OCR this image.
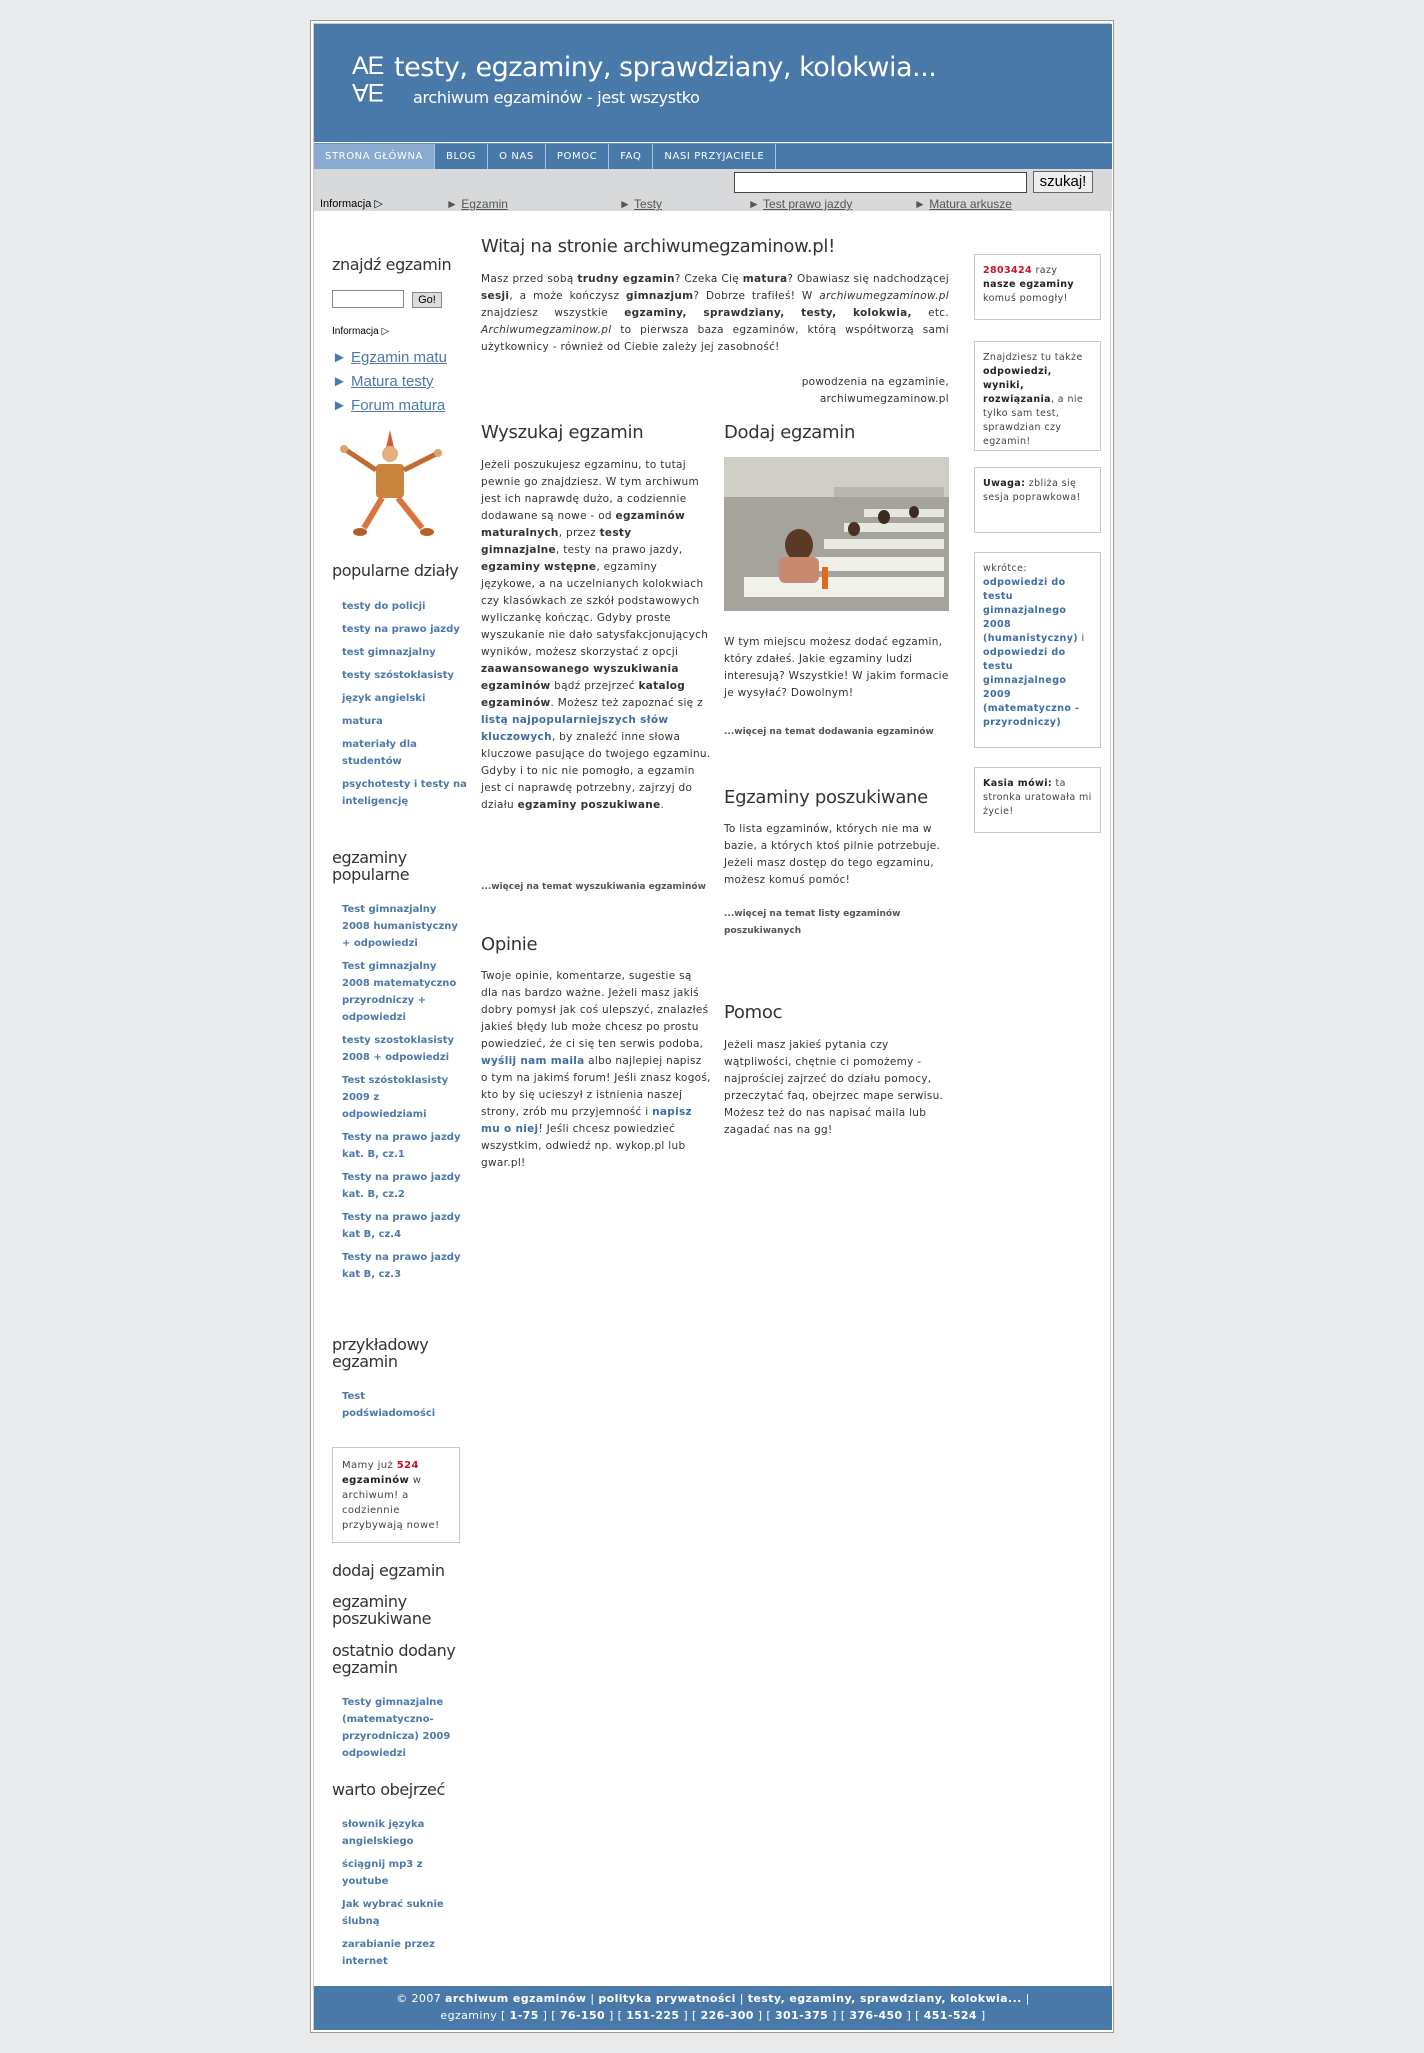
AE
AE
testy, egzaminy, sprawdziany, kolokwia...
archiwum egzaminów - jest wszystko
STRONA GŁÓWNA	BLOG	O NAS	POMOC	FAQ	NASI PRZYJACIELE
szukaj!
Informacja ▷	► Egzamin	► Testy	► Test prawo jazdy	► Matura arkusze

znajdź egzamin

Go!
Informacja ▷
► Egzamin matu
► Matura testy
► Forum matura

popularne działy

testy do policji
testy na prawo jazdy
test gimnazjalny
testy szóstoklasisty
język angielski
matura
materiały dla studentów
psychotesty i testy na inteligencję

egzaminy popularne

Test gimnazjalny 2008 humanistyczny + odpowiedzi
Test gimnazjalny 2008 matematyczno przyrodniczy + odpowiedzi
testy szostoklasisty 2008 + odpowiedzi
Test szóstoklasisty 2009 z odpowiedziami
Testy na prawo jazdy kat. B, cz.1
Testy na prawo jazdy kat. B, cz.2
Testy na prawo jazdy kat B, cz.4
Testy na prawo jazdy kat B, cz.3

przykładowy egzamin

Test podświadomości
Mamy już 524 egzaminów w archiwum! a codziennie przybywają nowe!

dodaj egzamin

egzaminy poszukiwane

ostatnio dodany egzamin

Testy gimnazjalne (matematyczno-przyrodnicza) 2009 odpowiedzi

warto obejrzeć

słownik języka angielskiego
ściągnij mp3 z youtube
Jak wybrać suknie ślubną
zarabianie przez internet
Witaj na stronie archiwumegzaminow.pl!
Masz przed sobą trudny egzamin? Czeka Cię matura? Obawiasz się nadchodzącej sesji, a może kończysz gimnazjum? Dobrze trafiłeś! W archiwumegzaminow.pl znajdziesz wszystkie egzaminy, sprawdziany, testy, kolokwia, etc. Archiwumegzaminow.pl to pierwsza baza egzaminów, którą współtworzą sami użytkownicy - również od Ciebie zależy jej zasobność!
powodzenia na egzaminie,
archiwumegzaminow.pl
Wyszukaj egzamin
Jeżeli poszukujesz egzaminu, to tutaj pewnie go znajdziesz. W tym archiwum jest ich naprawdę dużo, a codziennie dodawane są nowe - od egzaminów maturalnych, przez testy gimnazjalne, testy na prawo jazdy, egzaminy wstępne, egzaminy językowe, a na uczelnianych kolokwiach czy klasówkach ze szkół podstawowych wyliczankę kończąc. Gdyby proste wyszukanie nie dało satysfakcjonujących wyników, możesz skorzystać z opcji zaawansowanego wyszukiwania egzaminów bądź przejrzeć katalog egzaminów. Możesz też zapoznać się z listą najpopularniejszych słów kluczowych, by znaleźć inne słowa kluczowe pasujące do twojego egzaminu. Gdyby i to nic nie pomogło, a egzamin jest ci naprawdę potrzebny, zajrzyj do działu egzaminy poszukiwane.
...więcej na temat wyszukiwania egzaminów
Dodaj egzamin
W tym miejscu możesz dodać egzamin, który zdałeś. Jakie egzaminy ludzi interesują? Wszystkie! W jakim formacie je wysyłać? Dowolnym!
...więcej na temat dodawania egzaminów
Egzaminy poszukiwane
To lista egzaminów, których nie ma w bazie, a których ktoś pilnie potrzebuje. Jeżeli masz dostęp do tego egzaminu, możesz komuś pomóc!
...więcej na temat listy egzaminów poszukiwanych
Opinie
Twoje opinie, komentarze, sugestie są dla nas bardzo ważne. Jeżeli masz jakiś dobry pomysł jak coś ulepszyć, znalazłeś jakieś błędy lub może chcesz po prostu powiedzieć, że ci się ten serwis podoba, wyślij nam maila albo najlepiej napisz o tym na jakimś forum! Jeśli znasz kogoś, kto by się ucieszył z istnienia naszej strony, zrób mu przyjemność i napisz mu o niej! Jeśli chcesz powiedzieć wszystkim, odwiedź np. wykop.pl lub gwar.pl!
Pomoc
Jeżeli masz jakieś pytania czy wątpliwości, chętnie ci pomożemy - najprościej zajrzeć do działu pomocy, przeczytać faq, obejrzec mape serwisu. Możesz też do nas napisać maila lub zagadać nas na gg!
2803424 razy nasze egzaminy komuś pomogły!
Znajdziesz tu także odpowiedzi, wyniki, rozwiązania, a nie tylko sam test, sprawdzian czy egzamin!
Uwaga: zbliża się sesja poprawkowa!
wkrótce: odpowiedzi do testu gimnazjalnego 2008 (humanistyczny) i odpowiedzi do testu gimnazjalnego 2009 (matematyczno - przyrodniczy)
Kasia mówi: ta stronka uratowała mi życie!
© 2007 archiwum egzaminów | polityka prywatności | testy, egzaminy, sprawdziany, kolokwia... |
egzaminy [ 1-75 ] [ 76-150 ] [ 151-225 ] [ 226-300 ] [ 301-375 ] [ 376-450 ] [ 451-524 ]
